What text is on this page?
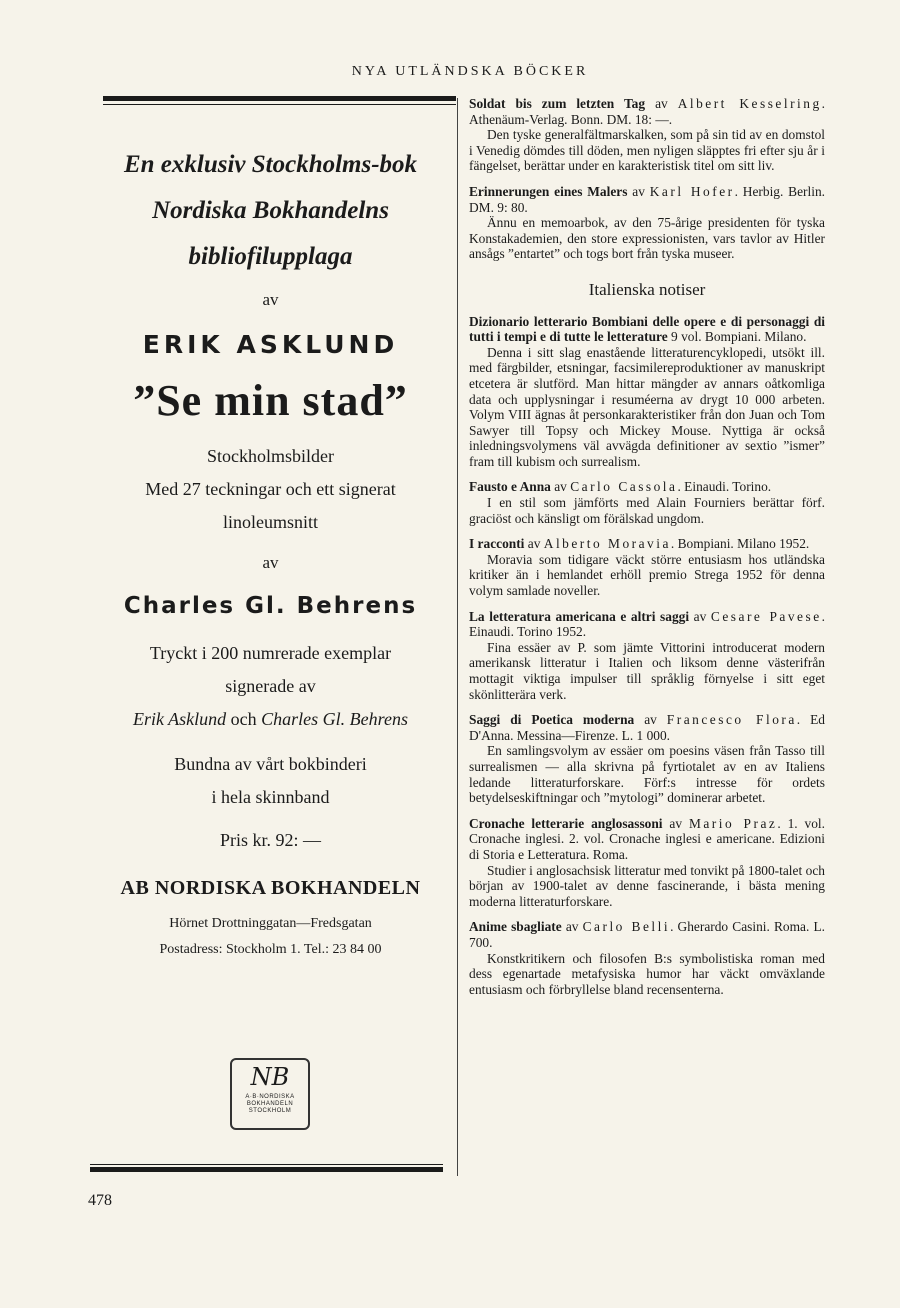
NYA UTLÄNDSKA BÖCKER
En exklusiv Stockholms-bok
Nordiska Bokhandelns
bibliofilupplaga
av
ERIK ASKLUND
”Se min stad”
Stockholmsbilder
Med 27 teckningar och ett signerat
linoleumsnitt
av
Charles Gl. Behrens
Tryckt i 200 numrerade exemplar
signerade av
Erik Asklund och Charles Gl. Behrens
Bundna av vårt bokbinderi
i hela skinnband
Pris kr. 92: —
AB NORDISKA BOKHANDELN
Hörnet Drottninggatan—Fredsgatan
Postadress: Stockholm 1. Tel.: 23 84 00
NB
A·B·NORDISKA
BOKHANDELN
STOCKHOLM
478
Soldat bis zum letzten Tag av Albert Kesselring. Athenäum-Verlag. Bonn. DM. 18: —.
Den tyske generalfältmarskalken, som på sin tid av en domstol i Venedig dömdes till döden, men nyligen släpptes fri efter sju år i fängelset, berättar under en karakteristisk titel om sitt liv.
Erinnerungen eines Malers av Karl Hofer. Herbig. Berlin. DM. 9: 80.
Ännu en memoarbok, av den 75-årige presidenten för tyska Konstakademien, den store expressionisten, vars tavlor av Hitler ansågs ”entartet” och togs bort från tyska museer.
Italienska notiser
Dizionario letterario Bombiani delle opere e di personaggi di tutti i tempi e di tutte le letterature 9 vol. Bompiani. Milano.
Denna i sitt slag enastående litteraturencyklopedi, utsökt ill. med färgbilder, etsningar, facsimilereproduktioner av manuskript etcetera är slutförd. Man hittar mängder av annars oåtkomliga data och upplysningar i resuméerna av drygt 10 000 arbeten. Volym VIII ägnas åt personkarakteristiker från don Juan och Tom Sawyer till Topsy och Mickey Mouse. Nyttiga är också inledningsvolymens väl avvägda definitioner av sextio ”ismer” fram till kubism och surrealism.
Fausto e Anna av Carlo Cassola. Einaudi. Torino.
I en stil som jämförts med Alain Fourniers berättar förf. graciöst och känsligt om förälskad ungdom.
I racconti av Alberto Moravia. Bompiani. Milano 1952.
Moravia som tidigare väckt större entusiasm hos utländska kritiker än i hemlandet erhöll premio Strega 1952 för denna volym samlade noveller.
La letteratura americana e altri saggi av Cesare Pavese. Einaudi. Torino 1952.
Fina essäer av P. som jämte Vittorini introducerat modern amerikansk litteratur i Italien och liksom denne västerifrån mottagit viktiga impulser till språklig förnyelse i sitt eget skönlitterära verk.
Saggi di Poetica moderna av Francesco Flora. Ed D'Anna. Messina—Firenze. L. 1 000.
En samlingsvolym av essäer om poesins väsen från Tasso till surrealismen — alla skrivna på fyrtiotalet av en av Italiens ledande litteraturforskare. Förf:s intresse för ordets betydelseskiftningar och ”mytologi” dominerar arbetet.
Cronache letterarie anglosassoni av Mario Praz. 1. vol. Cronache inglesi. 2. vol. Cronache inglesi e americane. Edizioni di Storia e Letteratura. Roma.
Studier i anglosachsisk litteratur med tonvikt på 1800-talet och början av 1900-talet av denne fascinerande, i bästa mening moderna litteraturforskare.
Anime sbagliate av Carlo Belli. Gherardo Casini. Roma. L. 700.
Konstkritikern och filosofen B:s symbolistiska roman med dess egenartade metafysiska humor har väckt omväxlande entusiasm och förbryllelse bland recensenterna.
